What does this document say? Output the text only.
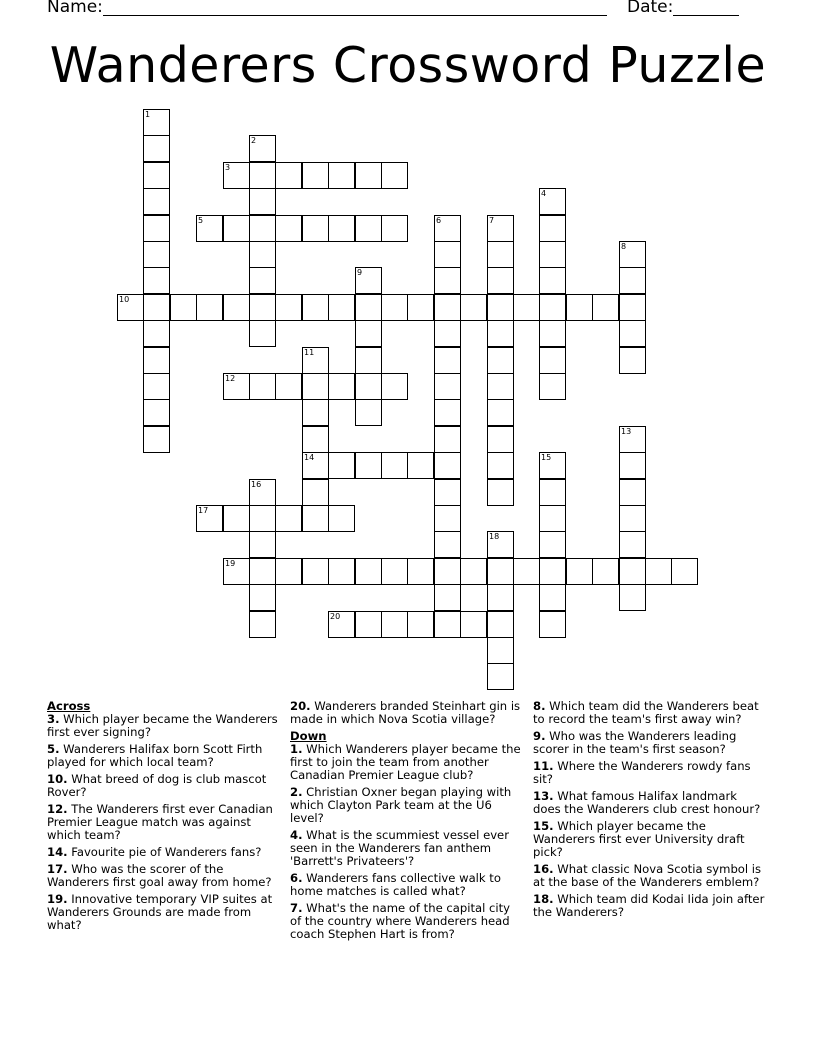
Name:	Date:
Wanderers Crossword Puzzle
1
2
3
4
5	6	7
8
9
10
11
14
12
13
15
16
17
18
19
20
Across
3. Which player became the Wanderers first ever signing?
5. Wanderers Halifax born Scott Firth played for which local team?
10. What breed of dog is club mascot Rover?
12. The Wanderers first ever Canadian Premier League match was against which team?
14. Favourite pie of Wanderers fans?
17. Who was the scorer of the Wanderers first goal away from home?
19. Innovative temporary VIP suites at Wanderers Grounds are made from what?
20. Wanderers branded Steinhart gin is made in which Nova Scotia village?
Down
1. Which Wanderers player became the first to join the team from another Canadian Premier League club?
2. Christian Oxner began playing with which Clayton Park team at the U6 level?
4. What is the scummiest vessel ever seen in the Wanderers fan anthem 'Barrett's Privateers'?
6. Wanderers fans collective walk to home matches is called what?
7. What's the name of the capital city of the country where Wanderers head coach Stephen Hart is from?
8. Which team did the Wanderers beat to record the team's first away win?
9. Who was the Wanderers leading scorer in the team's first season?
11. Where the Wanderers rowdy fans sit?
13. What famous Halifax landmark does the Wanderers club crest honour?
15. Which player became the Wanderers first ever University draft pick?
16. What classic Nova Scotia symbol is at the base of the Wanderers emblem?
18. Which team did Kodai Iida join after the Wanderers?
